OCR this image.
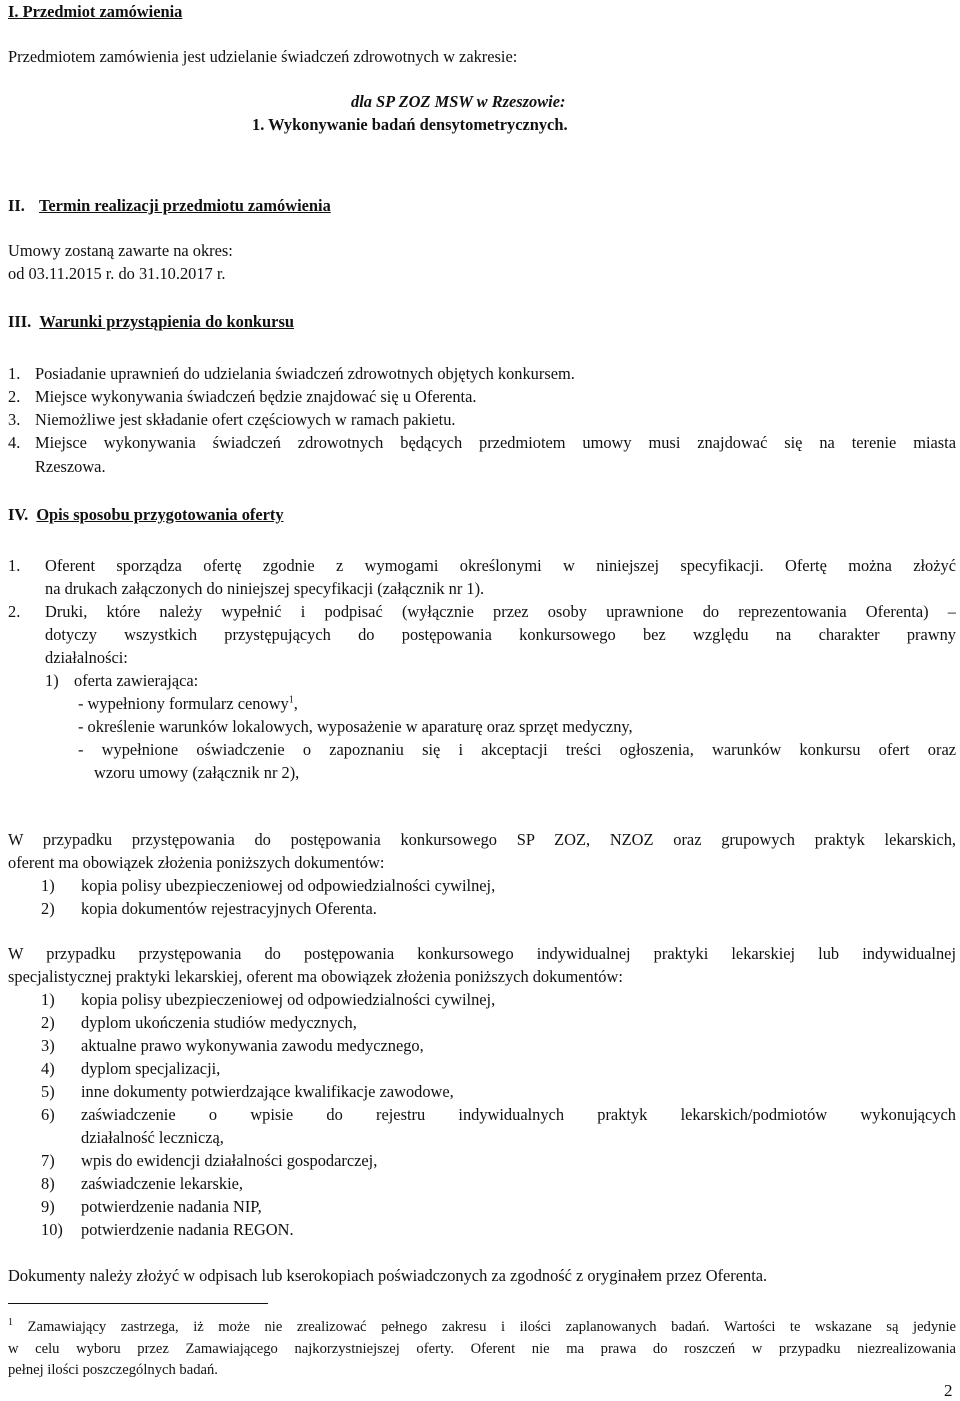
I. Przedmiot zamówienia
Przedmiotem zamówienia jest udzielanie świadczeń zdrowotnych w zakresie:
dla SP ZOZ MSW w Rzeszowie:
1. Wykonywanie badań densytometrycznych.
II. Termin realizacji przedmiotu zamówienia
Umowy zostaną zawarte na okres:
od 03.11.2015 r. do 31.10.2017 r.
III. Warunki przystąpienia do konkursu
1. Posiadanie uprawnień do udzielania świadczeń zdrowotnych objętych konkursem.
2. Miejsce wykonywania świadczeń będzie znajdować się u Oferenta.
3. Niemożliwe jest składanie ofert częściowych w ramach pakietu.
4. Miejsce wykonywania świadczeń zdrowotnych będących przedmiotem umowy musi znajdować się na terenie miasta
Rzeszowa.
IV. Opis sposobu przygotowania oferty
1. Oferent sporządza ofertę zgodnie z wymogami określonymi w niniejszej specyfikacji. Ofertę można złożyć
na drukach załączonych do niniejszej specyfikacji (załącznik nr 1).
2. Druki, które należy wypełnić i podpisać (wyłącznie przez osoby uprawnione do reprezentowania Oferenta) –
dotyczy wszystkich przystępujących do postępowania konkursowego bez względu na charakter prawny
działalności:
1) oferta zawierająca:
- wypełniony formularz cenowy$^1$,
- określenie warunków lokalowych, wyposażenie w aparaturę oraz sprzęt medyczny,
- wypełnione oświadczenie o zapoznaniu się i akceptacji treści ogłoszenia, warunków konkursu ofert oraz
wzoru umowy (załącznik nr 2),
W przypadku przystępowania do postępowania konkursowego SP ZOZ, NZOZ oraz grupowych praktyk lekarskich,
oferent ma obowiązek złożenia poniższych dokumentów:
1) kopia polisy ubezpieczeniowej od odpowiedzialności cywilnej,
2) kopia dokumentów rejestracyjnych Oferenta.
W przypadku przystępowania do postępowania konkursowego indywidualnej praktyki lekarskiej lub indywidualnej
specjalistycznej praktyki lekarskiej, oferent ma obowiązek złożenia poniższych dokumentów:
1) kopia polisy ubezpieczeniowej od odpowiedzialności cywilnej,
2) dyplom ukończenia studiów medycznych,
3) aktualne prawo wykonywania zawodu medycznego,
4) dyplom specjalizacji,
5) inne dokumenty potwierdzające kwalifikacje zawodowe,
6) zaświadczenie o wpisie do rejestru indywidualnych praktyk lekarskich/podmiotów wykonujących
działalność leczniczą,
7) wpis do ewidencji działalności gospodarczej,
8) zaświadczenie lekarskie,
9) potwierdzenie nadania NIP,
10) potwierdzenie nadania REGON.
Dokumenty należy złożyć w odpisach lub kserokopiach poświadczonych za zgodność z oryginałem przez Oferenta.
$^1$ Zamawiający zastrzega, iż może nie zrealizować pełnego zakresu i ilości zaplanowanych badań. Wartości te wskazane są jedynie
w celu wyboru przez Zamawiającego najkorzystniejszej oferty. Oferent nie ma prawa do roszczeń w przypadku niezrealizowania
pełnej ilości poszczególnych badań.
2
